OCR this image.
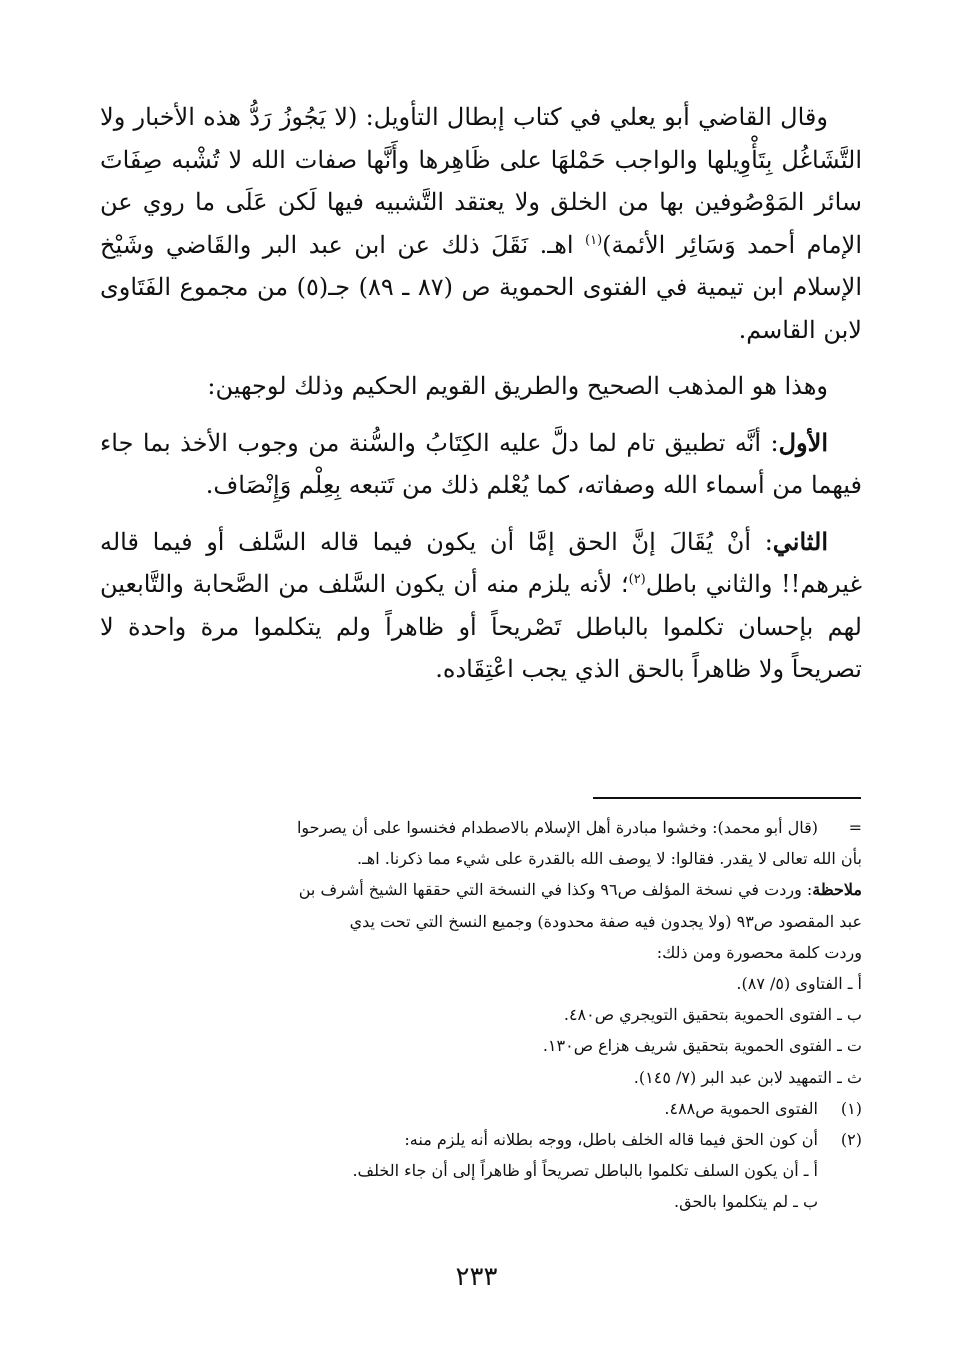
وقال القاضي أبو يعلي في كتاب إبطال التأويل: (لا يَجُوزُ رَدُّ هذه الأخبار ولا التَّشَاغُل بِتَأْوِيلها والواجب حَمْلهَا على ظَاهِرها وأَنَّها صفات الله لا تُشْبه صِفَاتَ سائر المَوْصُوفين بها من الخلق ولا يعتقد التَّشبيه فيها لَكن عَلَى ما روي عن الإمام أحمد وَسَائِر الأئمة)$^{(١)}$ اهـ. نَقَلَ ذلك عن ابن عبد البر والقَاضي وشَيْخ الإسلام ابن تيمية في الفتوى الحموية ص (٨٧ ـ ٨٩) جـ(٥) من مجموع الفَتَاوى لابن القاسم.

وهذا هو المذهب الصحيح والطريق القويم الحكيم وذلك لوجهين:

الأول: أنَّه تطبيق تام لما دلَّ عليه الكِتَابُ والسُّنة من وجوب الأخذ بما جاء فيهما من أسماء الله وصفاته، كما يُعْلم ذلك من تَتبعه بِعِلْم وَإِنْصَاف.

الثاني: أنْ يُقَالَ إنَّ الحق إمَّا أن يكون فيما قاله السَّلف أو فيما قاله غيرهم!! والثاني باطل$^{(٢)}$؛ لأنه يلزم منه أن يكون السَّلف من الصَّحابة والتَّابعين لهم بإحسان تكلموا بالباطل تَصْريحاً أو ظاهراً ولم يتكلموا مرة واحدة لا تصريحاً ولا ظاهراً بالحق الذي يجب اعْتِقَاده.

=(قال أبو محمد): وخشوا مبادرة أهل الإسلام بالاصطدام فخنسوا على أن يصرحوا
بأن الله تعالى لا يقدر. فقالوا: لا يوصف الله بالقدرة على شيء مما ذكرنا. اهـ.
ملاحظة: وردت في نسخة المؤلف ص٩٦ وكذا في النسخة التي حققها الشيخ أشرف بن
عبد المقصود ص٩٣ (ولا يجدون فيه صفة محدودة) وجميع النسخ التي تحت يدي
وردت كلمة محصورة ومن ذلك:
أ ـ الفتاوى (٥/ ٨٧).
ب ـ الفتوى الحموية بتحقيق التويجري ص٤٨٠.
ت ـ الفتوى الحموية بتحقيق شريف هزاع ص١٣٠.
ث ـ التمهيد لابن عبد البر (٧/ ١٤٥).
(١)الفتوى الحموية ص٤٨٨.
(٢)أن كون الحق فيما قاله الخلف باطل، ووجه بطلانه أنه يلزم منه:
أ ـ أن يكون السلف تكلموا بالباطل تصريحاً أو ظاهراً إلى أن جاء الخلف.
ب ـ لم يتكلموا بالحق.
٢٣٣
